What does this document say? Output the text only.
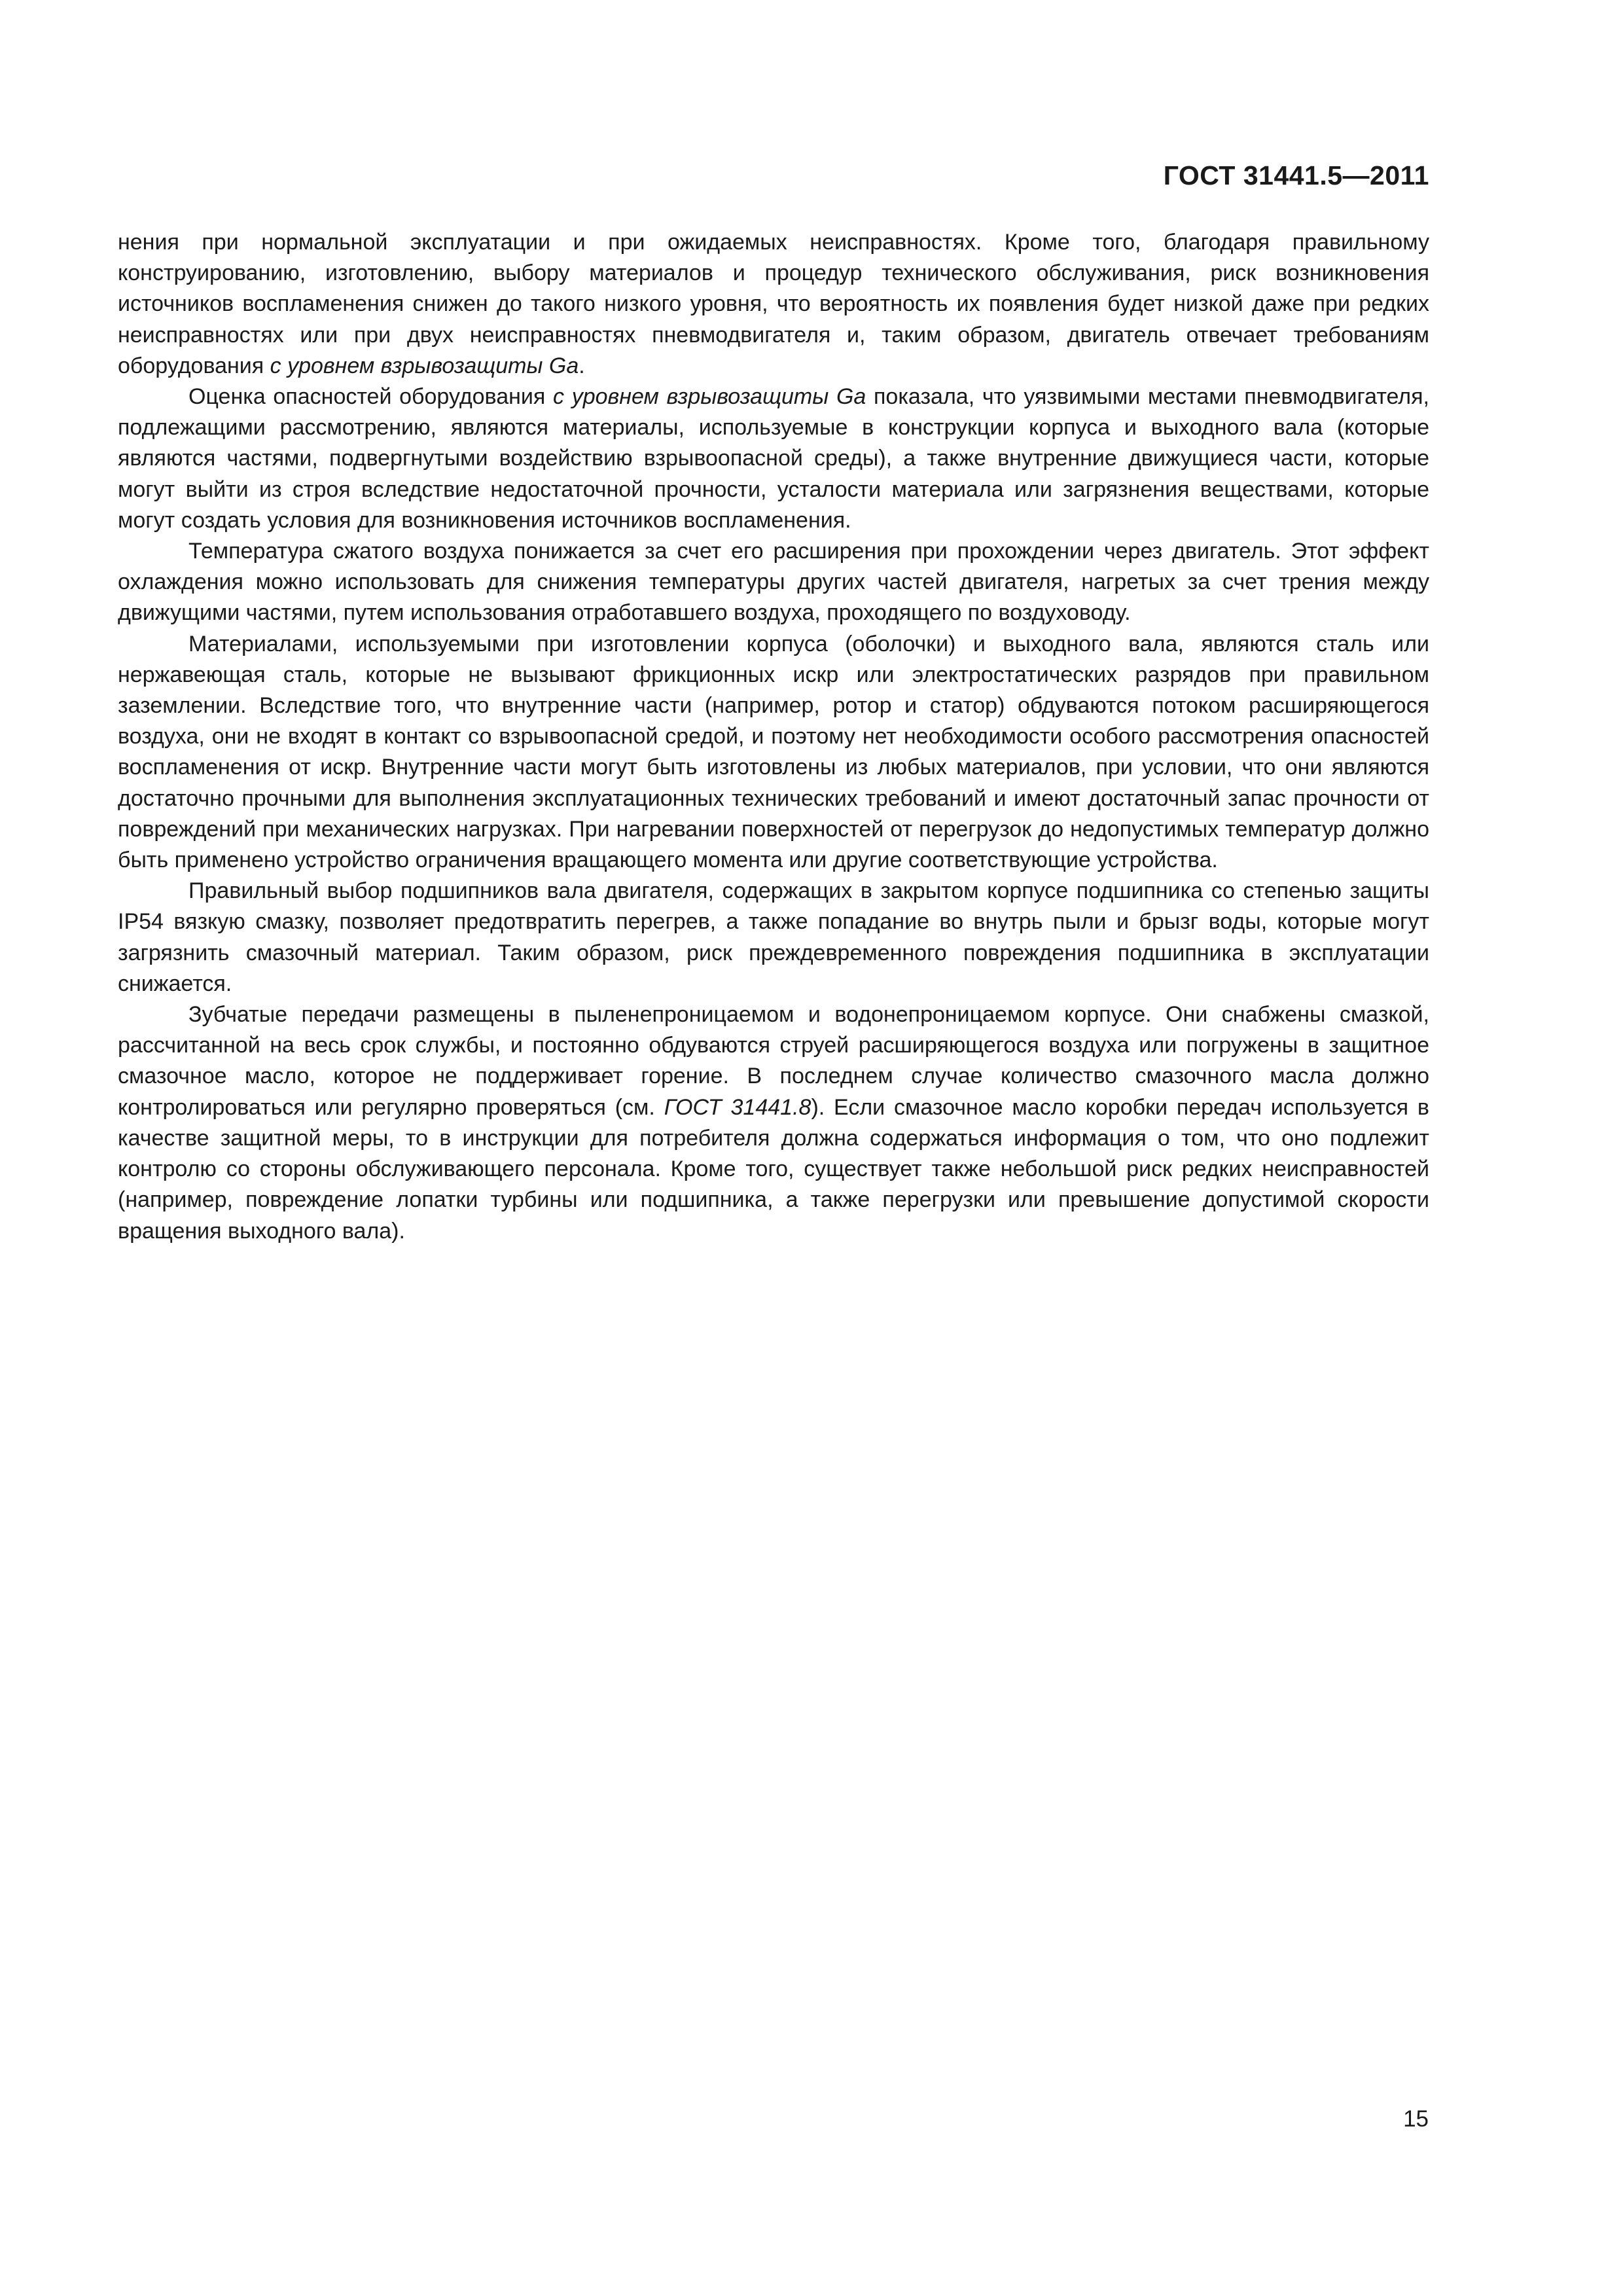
ГОСТ 31441.5—2011

нения при нормальной эксплуатации и при ожидаемых неисправностях. Кроме того, благодаря правильному конструированию, изготовлению, выбору материалов и процедур технического обслуживания, риск возникновения источников воспламенения снижен до такого низкого уровня, что вероятность их появления будет низкой даже при редких неисправностях или при двух неисправностях пневмодвигателя и, таким образом, двигатель отвечает требованиям оборудования с уровнем взрывозащиты Ga.

Оценка опасностей оборудования с уровнем взрывозащиты Ga показала, что уязвимыми местами пневмодвигателя, подлежащими рассмотрению, являются материалы, используемые в конструкции корпуса и выходного вала (которые являются частями, подвергнутыми воздействию взрывоопасной среды), а также внутренние движущиеся части, которые могут выйти из строя вследствие недостаточной прочности, усталости материала или загрязнения веществами, которые могут создать условия для возникновения источников воспламенения.

Температура сжатого воздуха понижается за счет его расширения при прохождении через двигатель. Этот эффект охлаждения можно использовать для снижения температуры других частей двигателя, нагретых за счет трения между движущими частями, путем использования отработавшего воздуха, проходящего по воздуховоду.

Материалами, используемыми при изготовлении корпуса (оболочки) и выходного вала, являются сталь или нержавеющая сталь, которые не вызывают фрикционных искр или электростатических разрядов при правильном заземлении. Вследствие того, что внутренние части (например, ротор и статор) обдуваются потоком расширяющегося воздуха, они не входят в контакт со взрывоопасной средой, и поэтому нет необходимости особого рассмотрения опасностей воспламенения от искр. Внутренние части могут быть изготовлены из любых материалов, при условии, что они являются достаточно прочными для выполнения эксплуатационных технических требований и имеют достаточный запас прочности от повреждений при механических нагрузках. При нагревании поверхностей от перегрузок до недопустимых температур должно быть применено устройство ограничения вращающего момента или другие соответствующие устройства.

Правильный выбор подшипников вала двигателя, содержащих в закрытом корпусе подшипника со степенью защиты IP54 вязкую смазку, позволяет предотвратить перегрев, а также попадание во внутрь пыли и брызг воды, которые могут загрязнить смазочный материал. Таким образом, риск преждевременного повреждения подшипника в эксплуатации снижается.

Зубчатые передачи размещены в пыленепроницаемом и водонепроницаемом корпусе. Они снабжены смазкой, рассчитанной на весь срок службы, и постоянно обдуваются струей расширяющегося воздуха или погружены в защитное смазочное масло, которое не поддерживает горение. В последнем случае количество смазочного масла должно контролироваться или регулярно проверяться (см. ГОСТ 31441.8). Если смазочное масло коробки передач используется в качестве защитной меры, то в инструкции для потребителя должна содержаться информация о том, что оно подлежит контролю со стороны обслуживающего персонала. Кроме того, существует также небольшой риск редких неисправностей (например, повреждение лопатки турбины или подшипника, а также перегрузки или превышение допустимой скорости вращения выходного вала).

15
